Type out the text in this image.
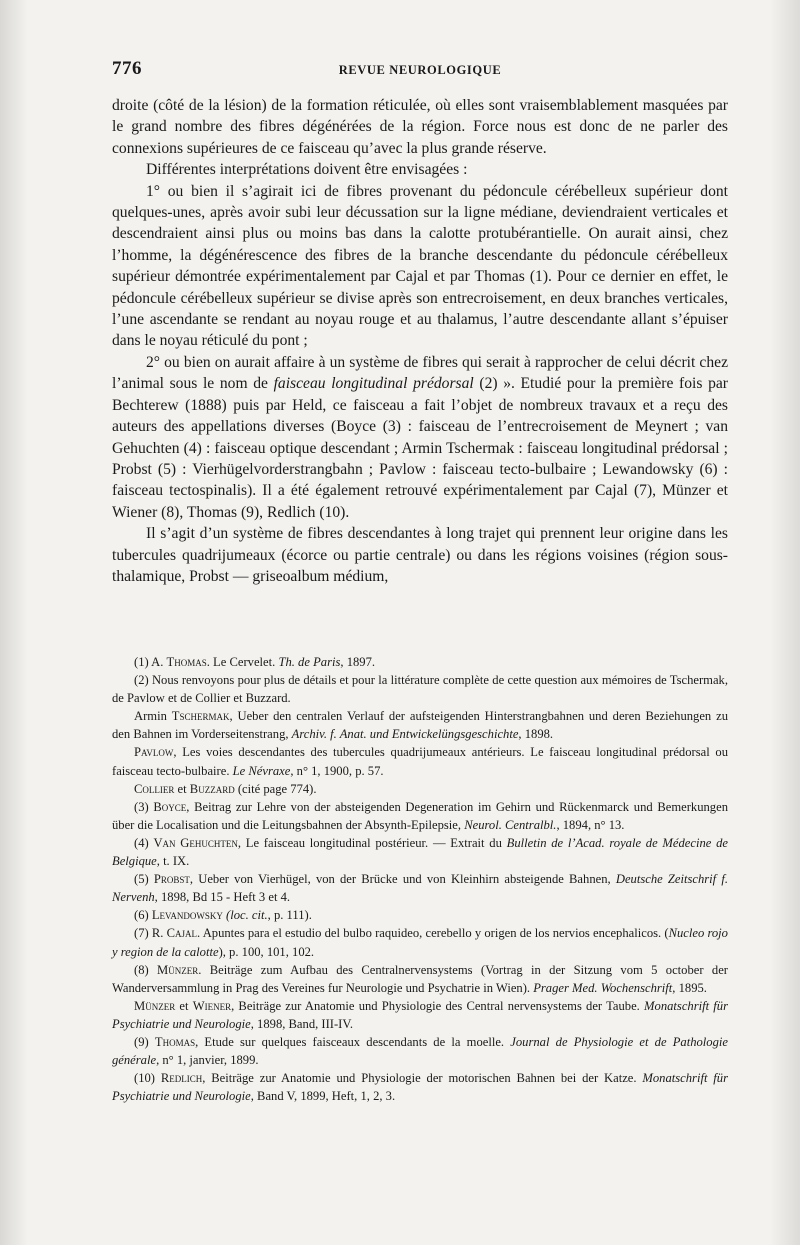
776	REVUE NEUROLOGIQUE

droite (côté de la lésion) de la formation réticulée, où elles sont vraisemblablement masquées par le grand nombre des fibres dégénérées de la région. Force nous est donc de ne parler des connexions supérieures de ce faisceau qu’avec la plus grande réserve.

Différentes interprétations doivent être envisagées :

1° ou bien il s’agirait ici de fibres provenant du pédoncule cérébelleux supérieur dont quelques-unes, après avoir subi leur décussation sur la ligne médiane, deviendraient verticales et descendraient ainsi plus ou moins bas dans la calotte protubérantielle. On aurait ainsi, chez l’homme, la dégénérescence des fibres de la branche descendante du pédoncule cérébelleux supérieur démontrée expérimentalement par Cajal et par Thomas (1). Pour ce dernier en effet, le pédoncule cérébelleux supérieur se divise après son entrecroisement, en deux branches verticales, l’une ascendante se rendant au noyau rouge et au thalamus, l’autre descendante allant s’épuiser dans le noyau réticulé du pont ;

2° ou bien on aurait affaire à un système de fibres qui serait à rapprocher de celui décrit chez l’animal sous le nom de faisceau longitudinal prédorsal (2) ». Etudié pour la première fois par Bechterew (1888) puis par Held, ce faisceau a fait l’objet de nombreux travaux et a reçu des auteurs des appellations diverses (Boyce (3) : faisceau de l’entrecroisement de Meynert ; van Gehuchten (4) : faisceau optique descendant ; Armin Tschermak : faisceau longitudinal prédorsal ; Probst (5) : Vierhügelvorderstrangbahn ; Pavlow : faisceau tecto-bulbaire ; Lewandowsky (6) : faisceau tectospinalis). Il a été également retrouvé expérimentalement par Cajal (7), Münzer et Wiener (8), Thomas (9), Redlich (10).

Il s’agit d’un système de fibres descendantes à long trajet qui prennent leur origine dans les tubercules quadrijumeaux (écorce ou partie centrale) ou dans les régions voisines (région sous-thalamique, Probst — griseoalbum médium,

(1) A. Thomas. Le Cervelet. Th. de Paris, 1897.

(2) Nous renvoyons pour plus de détails et pour la littérature complète de cette question aux mémoires de Tschermak, de Pavlow et de Collier et Buzzard.

Armin Tschermak, Ueber den centralen Verlauf der aufsteigenden Hinterstrangbahnen und deren Beziehungen zu den Bahnen im Vorderseitenstrang, Archiv. f. Anat. und Entwickelüngsgeschichte, 1898.

Pavlow, Les voies descendantes des tubercules quadrijumeaux antérieurs. Le faisceau longitudinal prédorsal ou faisceau tecto-bulbaire. Le Névraxe, n° 1, 1900, p. 57.

Collier et Buzzard (cité page 774).

(3) Boyce, Beitrag zur Lehre von der absteigenden Degeneration im Gehirn und Rückenmarck und Bemerkungen über die Localisation und die Leitungsbahnen der Absynth-Epilepsie, Neurol. Centralbl., 1894, n° 13.

(4) Van Gehuchten, Le faisceau longitudinal postérieur. — Extrait du Bulletin de l’Acad. royale de Médecine de Belgique, t. IX.

(5) Probst, Ueber von Vierhügel, von der Brücke und von Kleinhirn absteigende Bahnen, Deutsche Zeitschrif f. Nervenh, 1898, Bd 15 - Heft 3 et 4.

(6) Levandowsky (loc. cit., p. 111).

(7) R. Cajal. Apuntes para el estudio del bulbo raquideo, cerebello y origen de los nervios encephalicos. (Nucleo rojo y region de la calotte), p. 100, 101, 102.

(8) Münzer. Beiträge zum Aufbau des Centralnervensystems (Vortrag in der Sitzung vom 5 october der Wanderversammlung in Prag des Vereines fur Neurologie und Psychatrie in Wien). Prager Med. Wochenschrift, 1895.

Münzer et Wiener, Beiträge zur Anatomie und Physiologie des Central nervensystems der Taube. Monatschrift für Psychiatrie und Neurologie, 1898, Band, III-IV.

(9) Thomas, Etude sur quelques faisceaux descendants de la moelle. Journal de Physiologie et de Pathologie générale, n° 1, janvier, 1899.

(10) Redlich, Beiträge zur Anatomie und Physiologie der motorischen Bahnen bei der Katze. Monatschrift für Psychiatrie und Neurologie, Band V, 1899, Heft, 1, 2, 3.
